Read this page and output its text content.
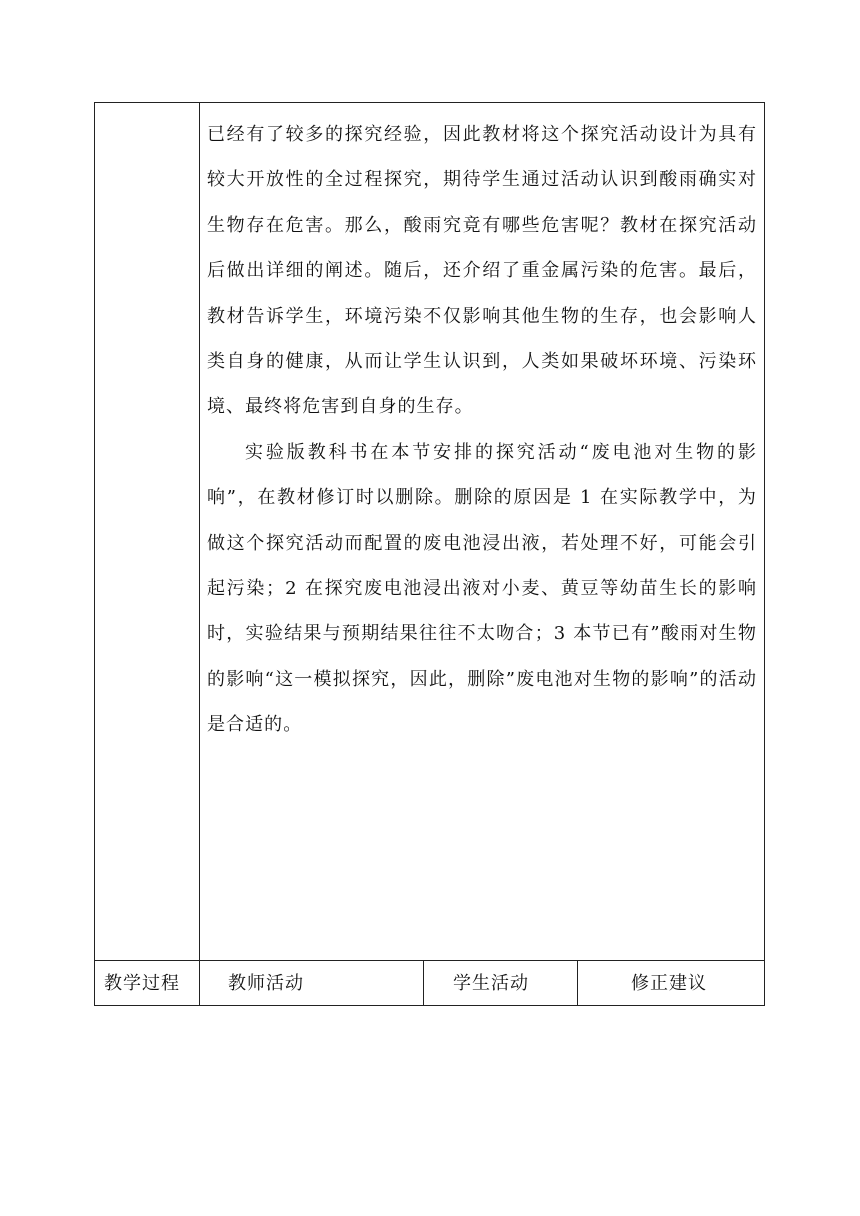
已经有了较多的探究经验，因此教材将这个探究活动设计为具有较大开放性的全过程探究，期待学生通过活动认识到酸雨确实对生物存在危害。那么，酸雨究竟有哪些危害呢？教材在探究活动后做出详细的阐述。随后，还介绍了重金属污染的危害。最后，教材告诉学生，环境污染不仅影响其他生物的生存，也会影响人类自身的健康，从而让学生认识到，人类如果破坏环境、污染环境、最终将危害到自身的生存。

实验版教科书在本节安排的探究活动“废电池对生物的影响”，在教材修订时以删除。删除的原因是 1 在实际教学中，为做这个探究活动而配置的废电池浸出液，若处理不好，可能会引起污染；2 在探究废电池浸出液对小麦、黄豆等幼苗生长的影响时，实验结果与预期结果往往不太吻合；3 本节已有”酸雨对生物的影响“这一模拟探究，因此，删除”废电池对生物的影响”的活动是合适的。

教学过程	教师活动	学生活动	修正建议
